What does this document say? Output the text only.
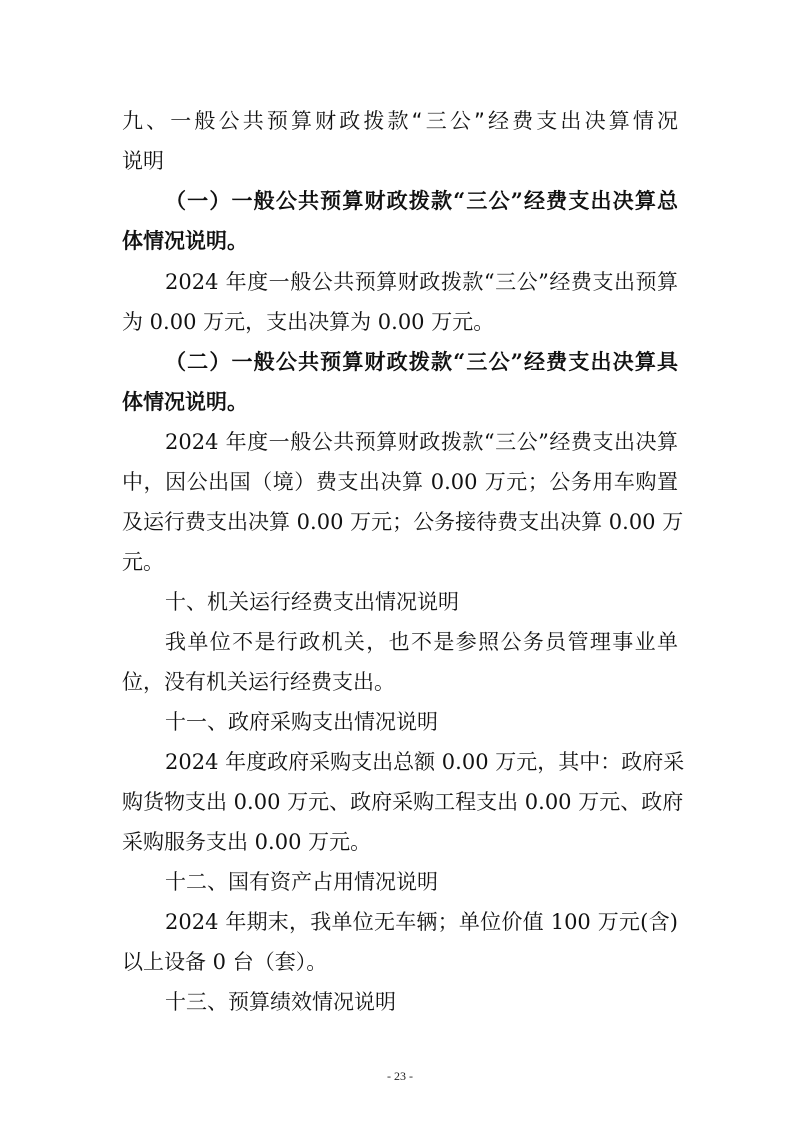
九、一般公共预算财政拨款“三公”经费支出决算情况
说明
（一）一般公共预算财政拨款“三公”经费支出决算总
体情况说明。
2024 年度一般公共预算财政拨款“三公”经费支出预算
为 0.00 万元，支出决算为 0.00 万元。
（二）一般公共预算财政拨款“三公”经费支出决算具
体情况说明。
2024 年度一般公共预算财政拨款“三公”经费支出决算
中，因公出国（境）费支出决算 0.00 万元；公务用车购置
及运行费支出决算 0.00 万元；公务接待费支出决算 0.00 万
元。
十、机关运行经费支出情况说明
我单位不是行政机关，也不是参照公务员管理事业单
位，没有机关运行经费支出。
十一、政府采购支出情况说明
2024 年度政府采购支出总额 0.00 万元，其中：政府采
购货物支出 0.00 万元、政府采购工程支出 0.00 万元、政府
采购服务支出 0.00 万元。
十二、国有资产占用情况说明
2024 年期末，我单位无车辆；单位价值 100 万元(含)
以上设备 0 台（套）。
十三、预算绩效情况说明
- 23 -
